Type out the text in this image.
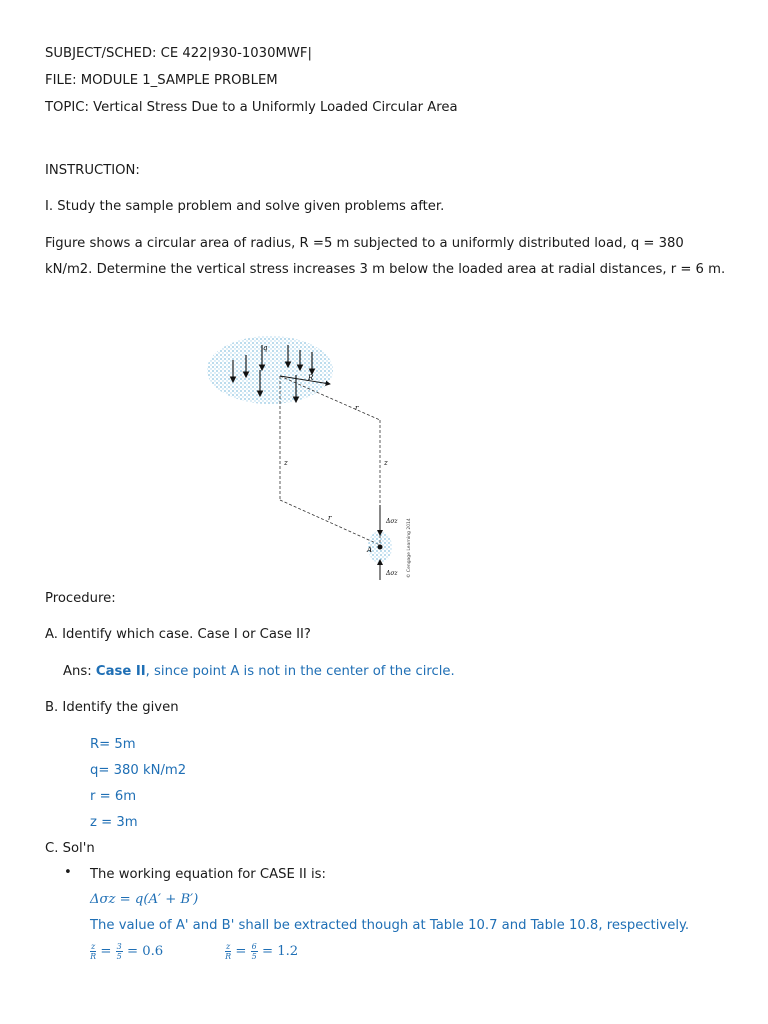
SUBJECT/SCHED: CE 422|930-1030MWF|
FILE: MODULE 1_SAMPLE PROBLEM
TOPIC: Vertical Stress Due to a Uniformly Loaded Circular Area
INSTRUCTION:
I. Study the sample problem and solve given problems after.
Figure shows a circular area of radius, R =5 m subjected to a uniformly distributed load, q = 380
kN/m2. Determine the vertical stress increases 3 m below the loaded area at radial distances, r = 6 m.
R
q
r
r
z	z
A
Δσz
Δσz	© Cengage Learning 2014
Procedure:
A. Identify which case. Case I or Case II?
Ans: Case II, since point A is not in the center of the circle.
B. Identify the given
R= 5m
q= 380 kN/m2
r = 6m
z = 3m
C. Sol'n
• The working equation for CASE II is:
Δσz = q(A′ + B′)
The value of A' and B' shall be extracted though at Table 10.7 and Table 10.8, respectively.
$\frac{z}{R} = \frac{3}{5} = 0.6$	$\frac{z}{R} = \frac{6}{5} = 1.2$
